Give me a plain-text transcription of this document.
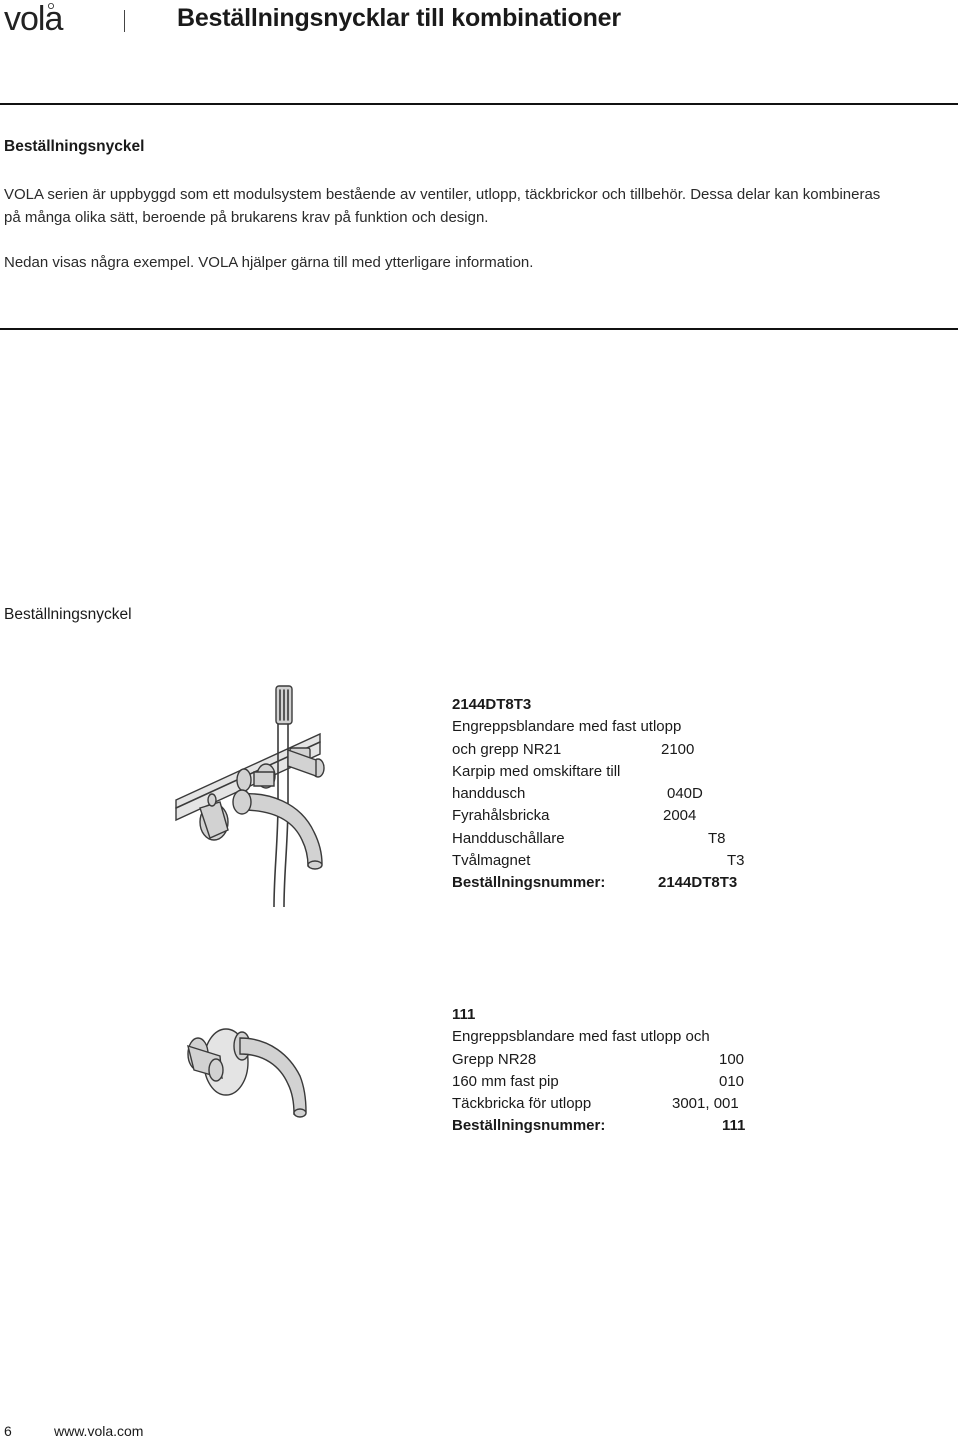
vola	Beställningsnycklar till kombinationer
Beställningsnyckel
VOLA serien är uppbyggd som ett modulsystem bestående av ventiler, utlopp, täckbrickor och tillbehör. Dessa delar kan kombineras
på många olika sätt, beroende på brukarens krav på funktion och design.
Nedan visas några exempel. VOLA hjälper gärna till med ytterligare information.
Beställningsnyckel
2144DT8T3
Engreppsblandare med fast utlopp
och grepp NR21	2100
Karpip med omskiftare till
handdusch	040D
Fyrahålsbricka	2004
Handduschållare	T8
Tvålmagnet	T3
Beställningsnummer:	2144DT8T3
111
Engreppsblandare med fast utlopp och
Grepp NR28	100
160 mm fast pip	010
Täckbricka för utlopp	3001, 001
Beställningsnummer:	111
6	www.vola.com
